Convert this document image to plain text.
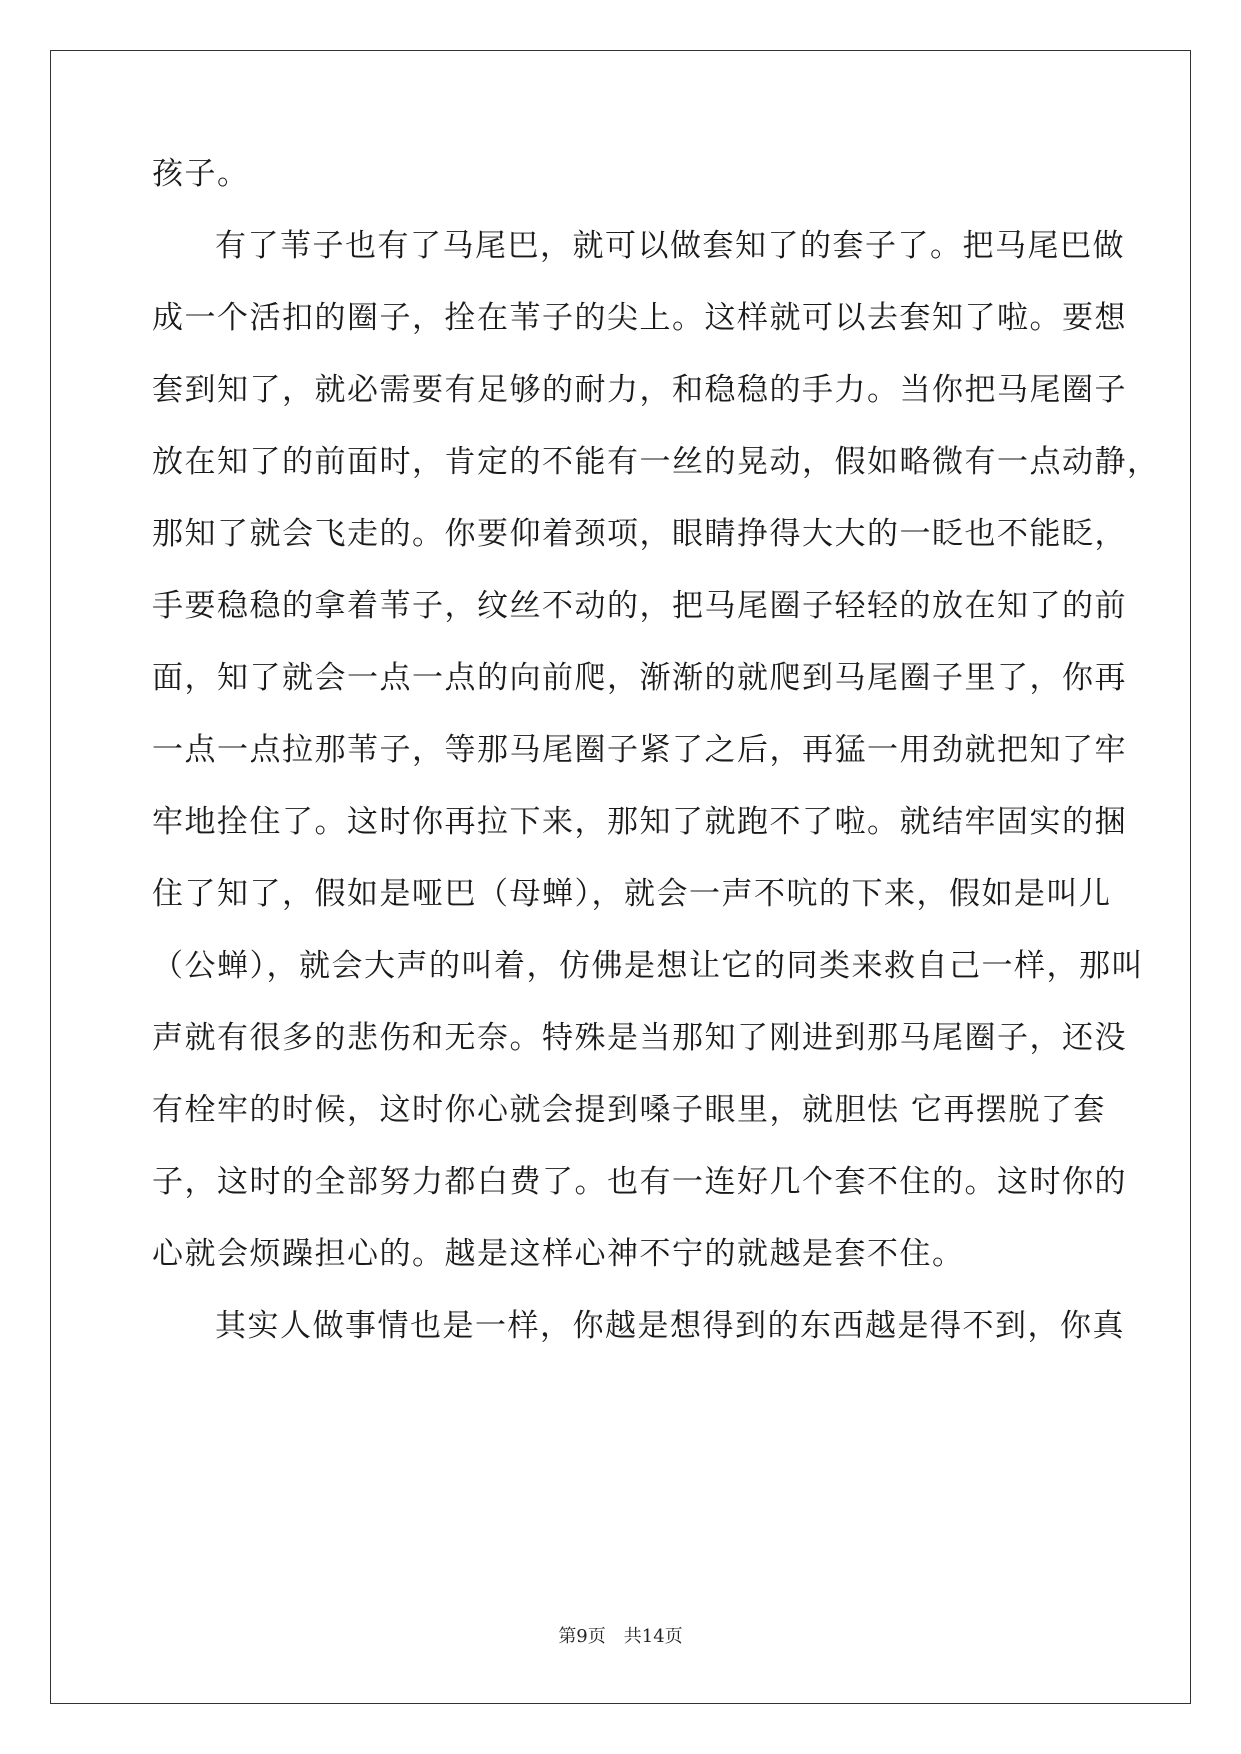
孩子。
有了苇子也有了马尾巴，就可以做套知了的套子了。把马尾巴做
成一个活扣的圈子，拴在苇子的尖上。这样就可以去套知了啦。要想
套到知了，就必需要有足够的耐力，和稳稳的手力。当你把马尾圈子
放在知了的前面时，肯定的不能有一丝的晃动，假如略微有一点动静，
那知了就会飞走的。你要仰着颈项，眼睛挣得大大的一眨也不能眨，
手要稳稳的拿着苇子，纹丝不动的，把马尾圈子轻轻的放在知了的前
面，知了就会一点一点的向前爬，渐渐的就爬到马尾圈子里了，你再
一点一点拉那苇子，等那马尾圈子紧了之后，再猛一用劲就把知了牢
牢地拴住了。这时你再拉下来，那知了就跑不了啦。就结牢固实的捆
住了知了，假如是哑巴（母蝉），就会一声不吭的下来，假如是叫儿
（公蝉），就会大声的叫着，仿佛是想让它的同类来救自己一样，那叫
声就有很多的悲伤和无奈。特殊是当那知了刚进到那马尾圈子，还没
有栓牢的时候，这时你心就会提到嗓子眼里，就胆怯 它再摆脱了套
子，这时的全部努力都白费了。也有一连好几个套不住的。这时你的
心就会烦躁担心的。越是这样心神不宁的就越是套不住。
其实人做事情也是一样，你越是想得到的东西越是得不到，你真
第9页 共14页
